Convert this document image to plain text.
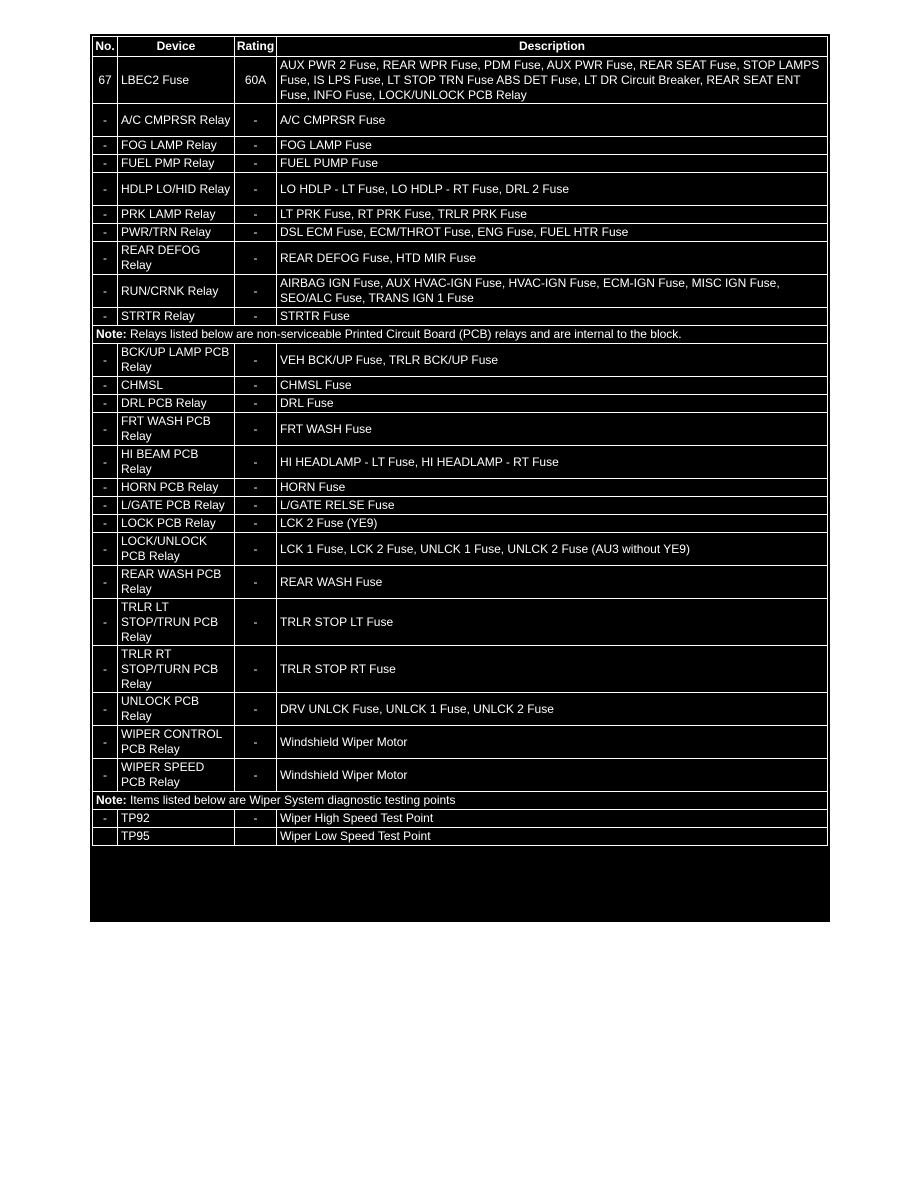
No.	Device	Rating	Description
67	LBEC2 Fuse	60A	AUX PWR 2 Fuse, REAR WPR Fuse, PDM Fuse, AUX PWR Fuse, REAR SEAT Fuse, STOP LAMPS Fuse, IS LPS Fuse, LT STOP TRN Fuse ABS DET Fuse, LT DR Circuit Breaker, REAR SEAT ENT Fuse, INFO Fuse, LOCK/UNLOCK PCB Relay
-	A/C CMPRSR Relay	-	A/C CMPRSR Fuse
-	FOG LAMP Relay	-	FOG LAMP Fuse
-	FUEL PMP Relay	-	FUEL PUMP Fuse
-	HDLP LO/HID Relay	-	LO HDLP - LT Fuse, LO HDLP - RT Fuse, DRL 2 Fuse
-	PRK LAMP Relay	-	LT PRK Fuse, RT PRK Fuse, TRLR PRK Fuse
-	PWR/TRN Relay	-	DSL ECM Fuse, ECM/THROT Fuse, ENG Fuse, FUEL HTR Fuse
-	REAR DEFOG Relay	-	REAR DEFOG Fuse, HTD MIR Fuse
-	RUN/CRNK Relay	-	AIRBAG IGN Fuse, AUX HVAC-IGN Fuse, HVAC-IGN Fuse, ECM-IGN Fuse, MISC IGN Fuse, SEO/ALC Fuse, TRANS IGN 1 Fuse
-	STRTR Relay	-	STRTR Fuse
Note: Relays listed below are non-serviceable Printed Circuit Board (PCB) relays and are internal to the block.			
-	BCK/UP LAMP PCB Relay	-	VEH BCK/UP Fuse, TRLR BCK/UP Fuse
-	CHMSL	-	CHMSL Fuse
-	DRL PCB Relay	-	DRL Fuse
-	FRT WASH PCB Relay	-	FRT WASH Fuse
-	HI BEAM PCB Relay	-	HI HEADLAMP - LT Fuse, HI HEADLAMP - RT Fuse
-	HORN PCB Relay	-	HORN Fuse
-	L/GATE PCB Relay	-	L/GATE RELSE Fuse
-	LOCK PCB Relay	-	LCK 2 Fuse (YE9)
-	LOCK/UNLOCK PCB Relay	-	LCK 1 Fuse, LCK 2 Fuse, UNLCK 1 Fuse, UNLCK 2 Fuse (AU3 without YE9)
-	REAR WASH PCB Relay	-	REAR WASH Fuse
-	TRLR LT STOP/TRUN PCB Relay	-	TRLR STOP LT Fuse
-	TRLR RT STOP/TURN PCB Relay	-	TRLR STOP RT Fuse
-	UNLOCK PCB Relay	-	DRV UNLCK Fuse, UNLCK 1 Fuse, UNLCK 2 Fuse
-	WIPER CONTROL PCB Relay	-	Windshield Wiper Motor
-	WIPER SPEED PCB Relay	-	Windshield Wiper Motor
Note: Items listed below are Wiper System diagnostic testing points			
-	TP92	-	Wiper High Speed Test Point
	TP95		Wiper Low Speed Test Point
